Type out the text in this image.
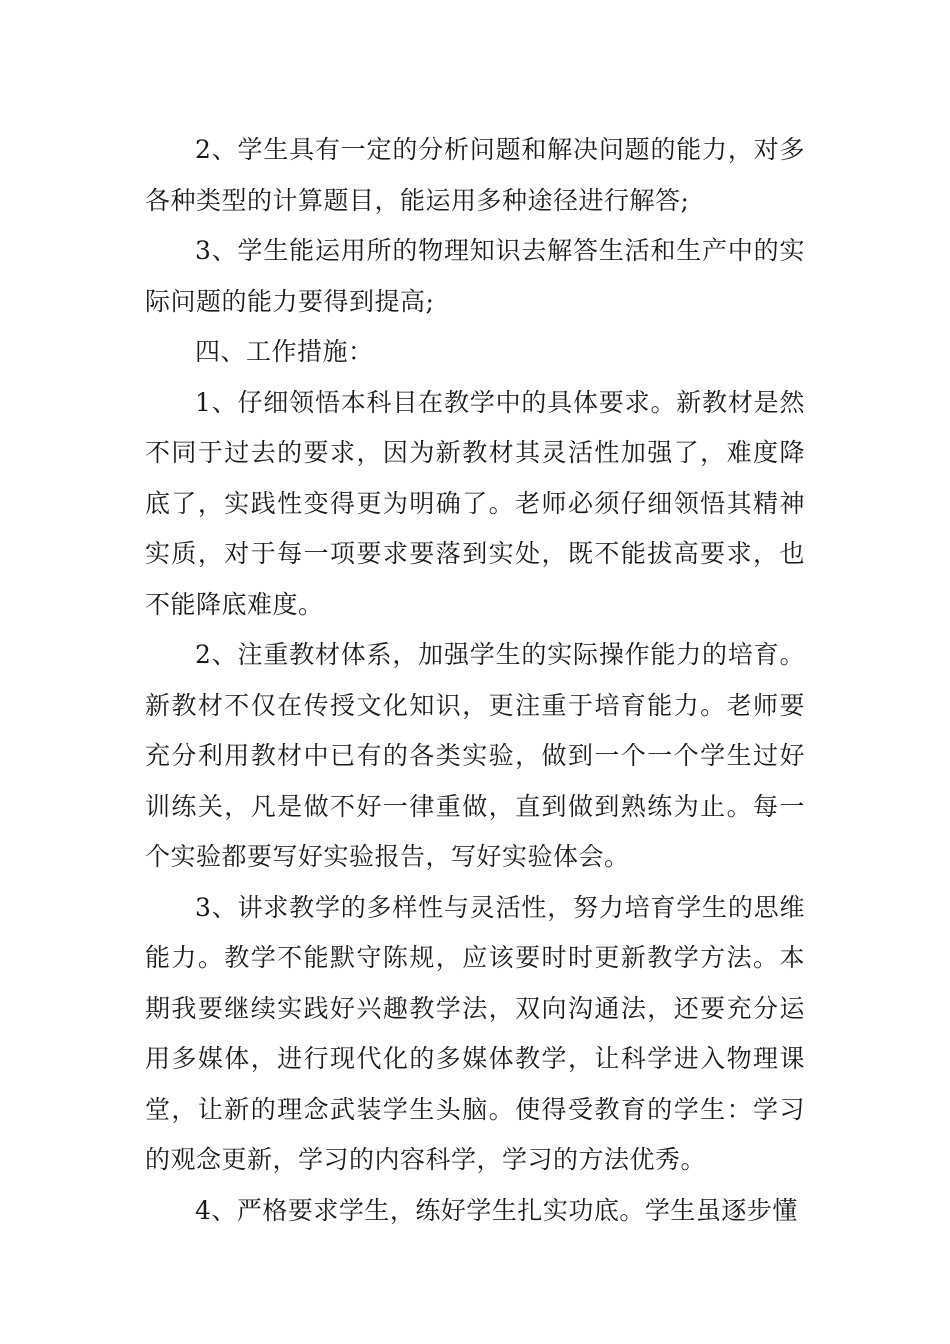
2、学生具有一定的分析问题和解决问题的能力，对多各种类型的计算题目，能运用多种途径进行解答;

3、学生能运用所的物理知识去解答生活和生产中的实际问题的能力要得到提高;

四、工作措施：

1、仔细领悟本科目在教学中的具体要求。新教材是然不同于过去的要求，因为新教材其灵活性加强了，难度降底了，实践性变得更为明确了。老师必须仔细领悟其精神实质，对于每一项要求要落到实处，既不能拔高要求，也不能降底难度。

2、注重教材体系，加强学生的实际操作能力的培育。新教材不仅在传授文化知识，更注重于培育能力。老师要充分利用教材中已有的各类实验，做到一个一个学生过好训练关，凡是做不好一律重做，直到做到熟练为止。每一个实验都要写好实验报告，写好实验体会。

3、讲求教学的多样性与灵活性，努力培育学生的思维能力。教学不能默守陈规，应该要时时更新教学方法。本期我要继续实践好兴趣教学法，双向沟通法，还要充分运用多媒体，进行现代化的多媒体教学，让科学进入物理课堂，让新的理念武装学生头脑。使得受教育的学生：学习的观念更新，学习的内容科学，学习的方法优秀。

4、严格要求学生，练好学生扎实功底。学生虽逐步懂
